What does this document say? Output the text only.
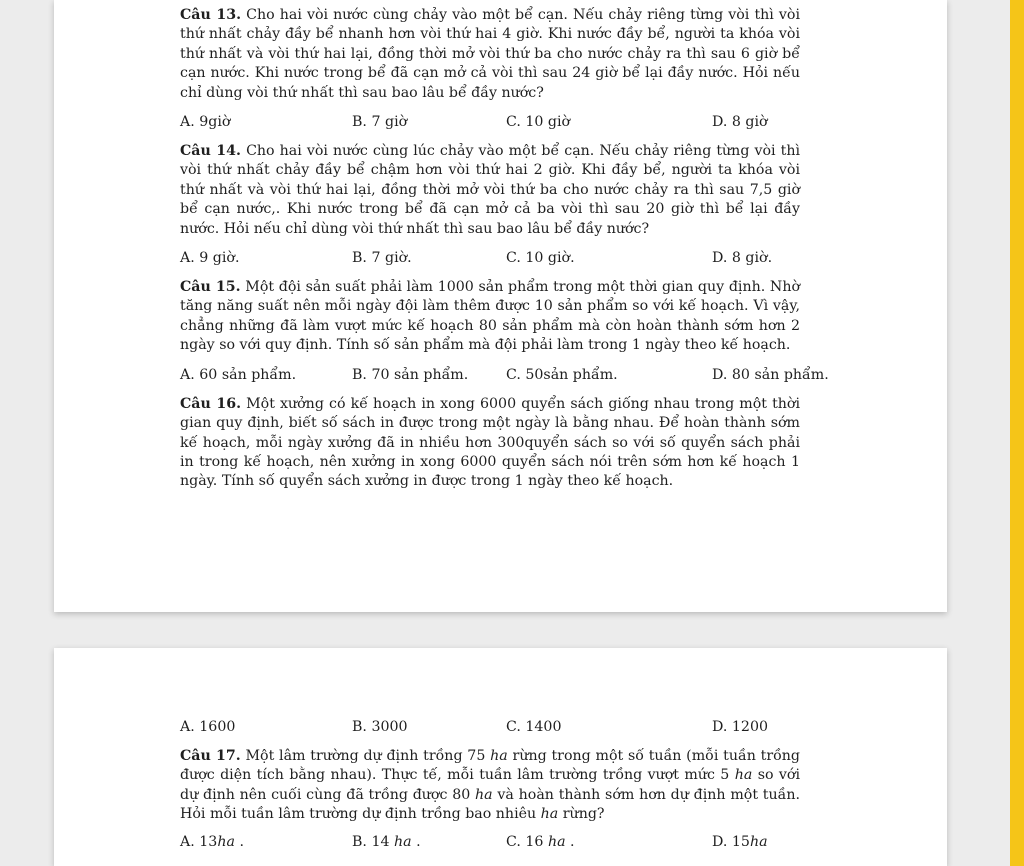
Câu 13. Cho hai vòi nước cùng chảy vào một bể cạn. Nếu chảy riêng từng vòi thì vòi thứ nhất chảy đầy bể nhanh hơn vòi thứ hai 4 giờ. Khi nước đầy bể, người ta khóa vòi thứ nhất và vòi thứ hai lại, đồng thời mở vòi thứ ba cho nước chảy ra thì sau 6 giờ bể cạn nước. Khi nước trong bể đã cạn mở cả vòi thì sau 24 giờ bể lại đầy nước. Hỏi nếu chỉ dùng vòi thứ nhất thì sau bao lâu bể đầy nước?

A. 9giờ	B. 7 giờ	C. 10 giờ	D. 8 giờ

Câu 14. Cho hai vòi nước cùng lúc chảy vào một bể cạn. Nếu chảy riêng từng vòi thì vòi thứ nhất chảy đầy bể chậm hơn vòi thứ hai 2 giờ. Khi đầy bể, người ta khóa vòi thứ nhất và vòi thứ hai lại, đồng thời mở vòi thứ ba cho nước chảy ra thì sau 7,5 giờ bể cạn nước,. Khi nước trong bể đã cạn mở cả ba vòi thì sau 20 giờ thì bể lại đầy nước. Hỏi nếu chỉ dùng vòi thứ nhất thì sau bao lâu bể đầy nước?

A. 9 giờ.	B. 7 giờ.	C. 10 giờ.	D. 8 giờ.

Câu 15. Một đội sản suất phải làm 1000 sản phẩm trong một thời gian quy định. Nhờ tăng năng suất nên mỗi ngày đội làm thêm được 10 sản phẩm so với kế hoạch. Vì vậy, chẳng những đã làm vượt mức kế hoạch 80 sản phẩm mà còn hoàn thành sớm hơn 2 ngày so với quy định. Tính số sản phẩm mà đội phải làm trong 1 ngày theo kế hoạch.

A. 60 sản phẩm.	B. 70 sản phẩm.	C. 50sản phẩm.	D. 80 sản phẩm.

Câu 16. Một xưởng có kế hoạch in xong 6000 quyển sách giống nhau trong một thời gian quy định, biết số sách in được trong một ngày là bằng nhau. Để hoàn thành sớm kế hoạch, mỗi ngày xưởng đã in nhiều hơn 300quyển sách so với số quyển sách phải in trong kế hoạch, nên xưởng in xong 6000 quyển sách nói trên sớm hơn kế hoạch 1 ngày. Tính số quyển sách xưởng in được trong 1 ngày theo kế hoạch.

A. 1600	B. 3000	C. 1400	D. 1200

Câu 17. Một lâm trường dự định trồng 75 ha rừng trong một số tuần (mỗi tuần trồng được diện tích bằng nhau). Thực tế, mỗi tuần lâm trường trồng vượt mức 5 ha so với dự định nên cuối cùng đã trồng được 80 ha và hoàn thành sớm hơn dự định một tuần. Hỏi mỗi tuần lâm trường dự định trồng bao nhiêu ha rừng?

A. 13ha .	B. 14 ha .	C. 16 ha .	D. 15ha
